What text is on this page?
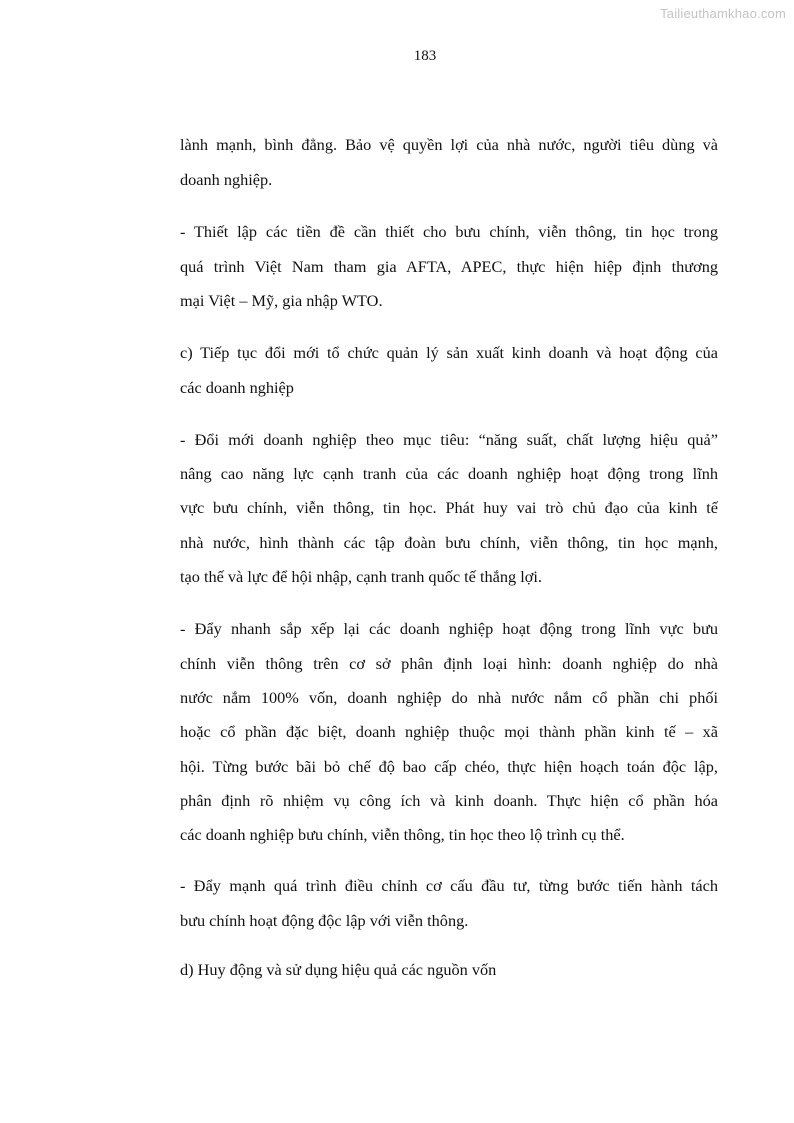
Tailieuthamkhao.com
183
lành mạnh, bình đẳng. Bảo vệ quyền lợi của nhà nước, người tiêu dùng và
doanh nghiệp.
- Thiết lập các tiền đề cần thiết cho bưu chính, viễn thông, tin học trong
quá trình Việt Nam tham gia AFTA, APEC, thực hiện hiệp định thương
mại Việt – Mỹ, gia nhập WTO.
c) Tiếp tục đổi mới tổ chức quản lý sản xuất kinh doanh và hoạt động của
các doanh nghiệp
- Đổi mới doanh nghiệp theo mục tiêu: “năng suất, chất lượng hiệu quả”
nâng cao năng lực cạnh tranh của các doanh nghiệp hoạt động trong lĩnh
vực bưu chính, viễn thông, tin học. Phát huy vai trò chủ đạo của kinh tế
nhà nước, hình thành các tập đoàn bưu chính, viễn thông, tin học mạnh,
tạo thế và lực để hội nhập, cạnh tranh quốc tế thắng lợi.
- Đẩy nhanh sắp xếp lại các doanh nghiệp hoạt động trong lĩnh vực bưu
chính viễn thông trên cơ sở phân định loại hình: doanh nghiệp do nhà
nước nắm 100% vốn, doanh nghiệp do nhà nước nắm cổ phần chi phối
hoặc cổ phần đặc biệt, doanh nghiệp thuộc mọi thành phần kinh tế – xã
hội. Từng bước bãi bỏ chế độ bao cấp chéo, thực hiện hoạch toán độc lập,
phân định rõ nhiệm vụ công ích và kinh doanh. Thực hiện cổ phần hóa
các doanh nghiệp bưu chính, viễn thông, tin học theo lộ trình cụ thể.
- Đẩy mạnh quá trình điều chỉnh cơ cấu đầu tư, từng bước tiến hành tách
bưu chính hoạt động độc lập với viễn thông.
d) Huy động và sử dụng hiệu quả các nguồn vốn
